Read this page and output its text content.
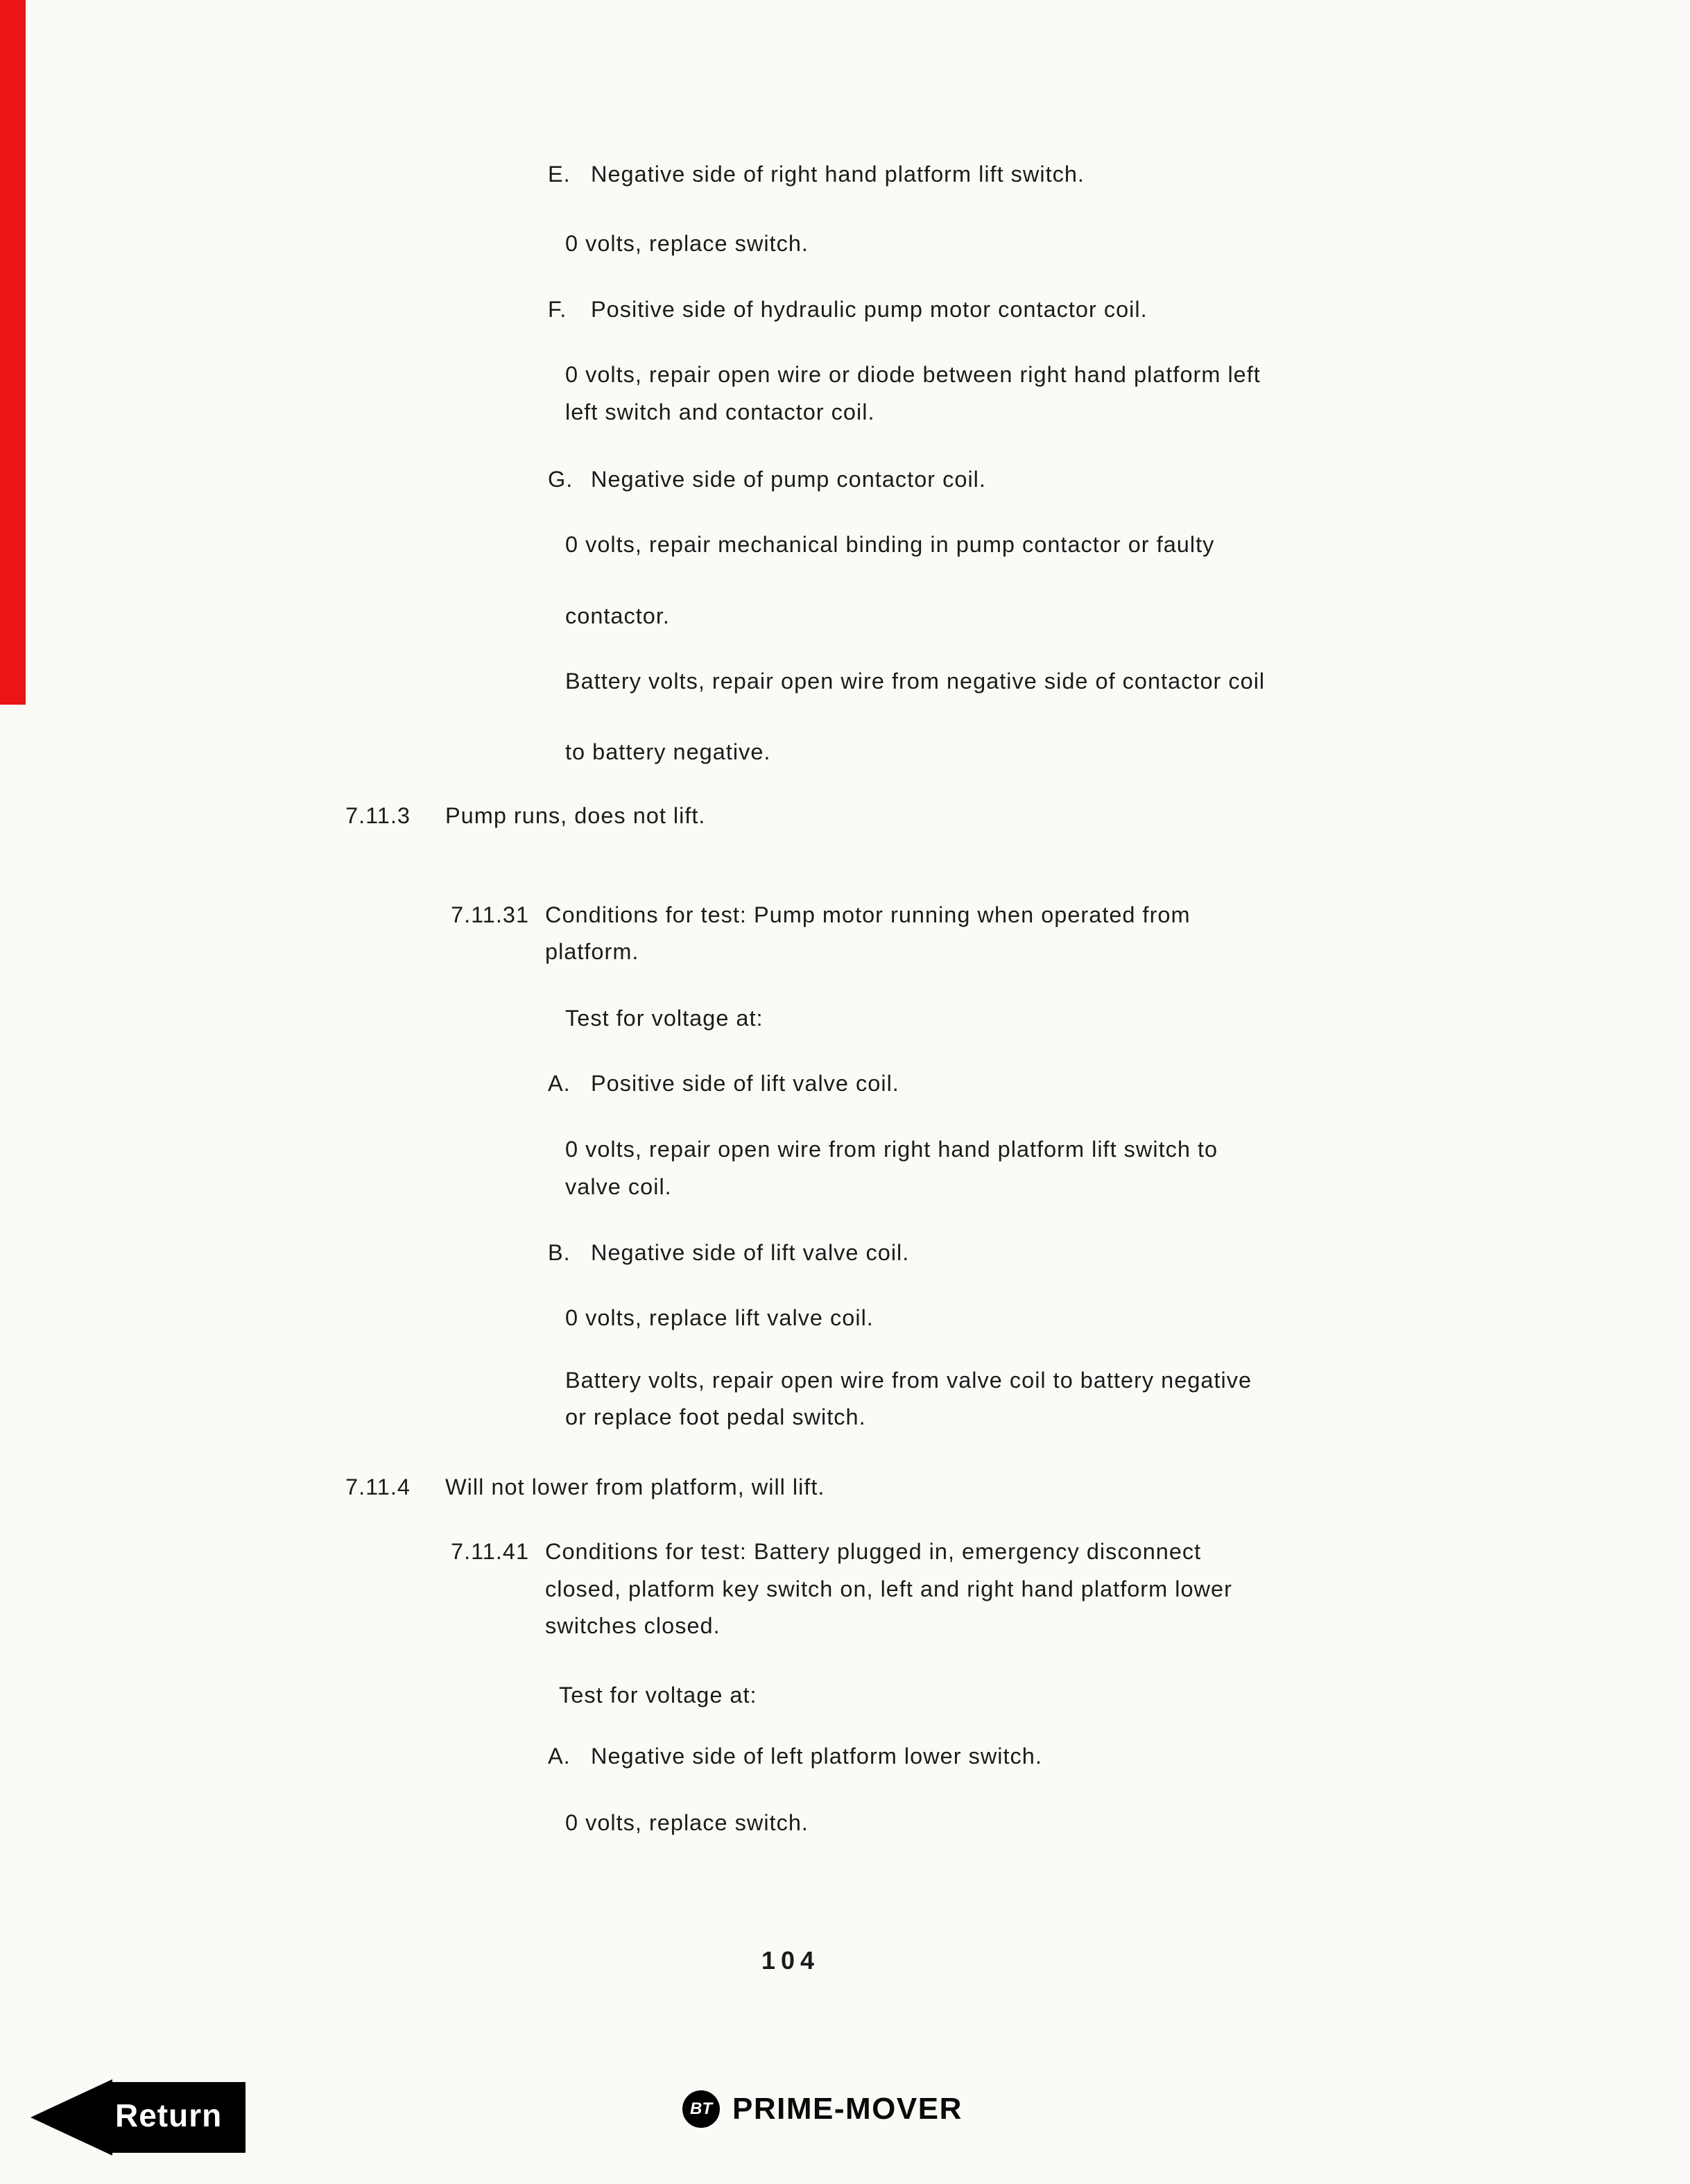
E. Negative side of right hand platform lift switch.
0 volts, replace switch.
F. Positive side of hydraulic pump motor contactor coil.
0 volts, repair open wire or diode between right hand platform left
left switch and contactor coil.
G. Negative side of pump contactor coil.
0 volts, repair mechanical binding in pump contactor or faulty
contactor.
Battery volts, repair open wire from negative side of contactor coil
to battery negative.
7.11.3 Pump runs, does not lift.
7.11.31 Conditions for test: Pump motor running when operated from
platform.
Test for voltage at:
A. Positive side of lift valve coil.
0 volts, repair open wire from right hand platform lift switch to
valve coil.
B. Negative side of lift valve coil.
0 volts, replace lift valve coil.
Battery volts, repair open wire from valve coil to battery negative
or replace foot pedal switch.
7.11.4 Will not lower from platform, will lift.
7.11.41 Conditions for test: Battery plugged in, emergency disconnect
closed, platform key switch on, left and right hand platform lower
switches closed.
Test for voltage at:
A. Negative side of left platform lower switch.
0 volts, replace switch.
104
Return	BT PRIME-MOVER
